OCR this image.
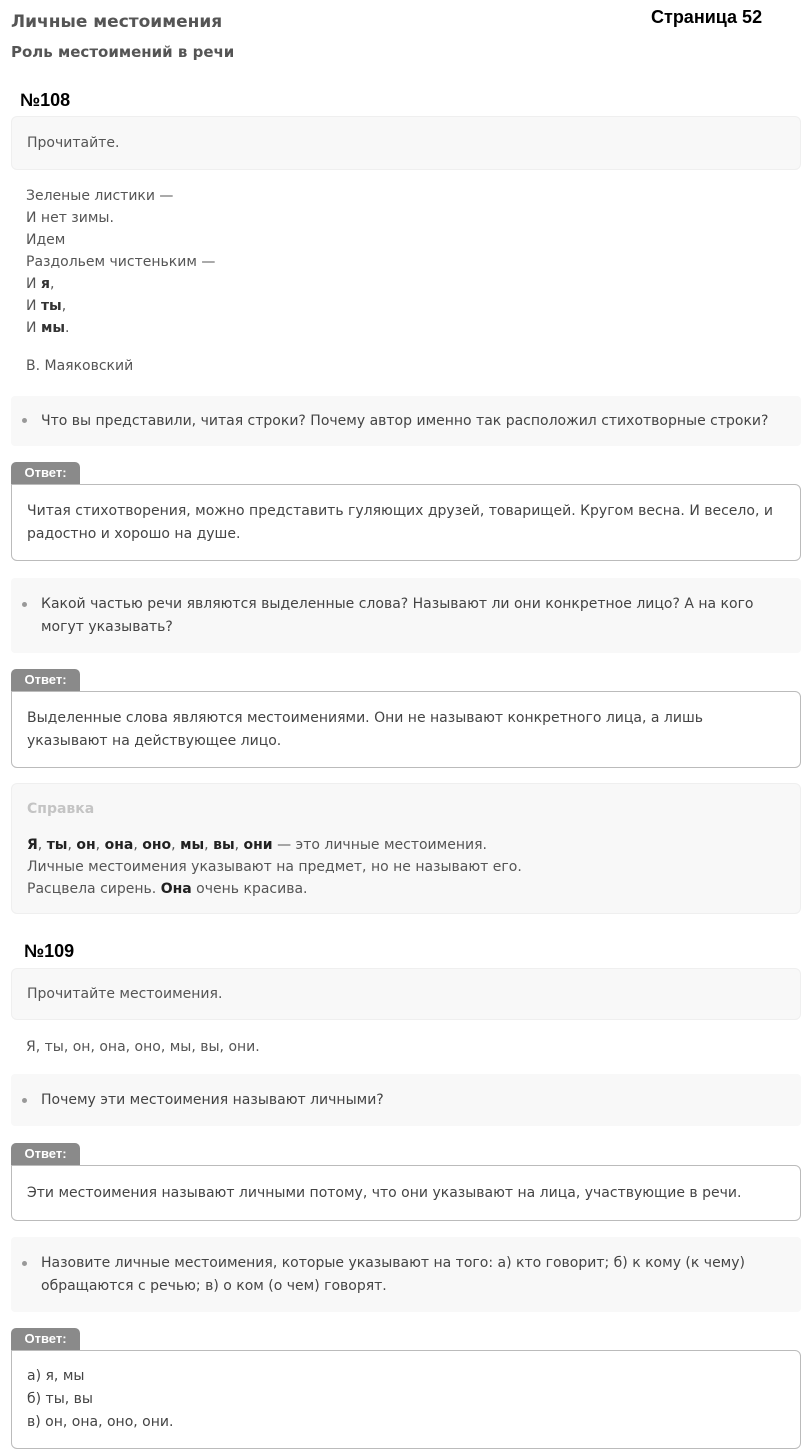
Личные местоимения
Роль местоимений в речи
Страница 52
№108
Прочитайте.
Зеленые листики —
И нет зимы.
Идем
Раздольем чистеньким —
И я,
И ты,
И мы.
В. Маяковский
Что вы представили, читая строки? Почему автор именно так расположил стихотворные строки?
Ответ:
Читая стихотворения, можно представить гуляющих друзей, товарищей. Кругом весна. И весело, и радостно и хорошо на душе.
Какой частью речи являются выделенные слова? Называют ли они конкретное лицо? А на кого могут указывать?
Ответ:
Выделенные слова являются местоимениями. Они не называют конкретного лица, а лишь указывают на действующее лицо.
Справка
Я, ты, он, она, оно, мы, вы, они — это личные местоимения.
Личные местоимения указывают на предмет, но не называют его.
Расцвела сирень. Она очень красива.
№109
Прочитайте местоимения.
Я, ты, он, она, оно, мы, вы, они.
Почему эти местоимения называют личными?
Ответ:
Эти местоимения называют личными потому, что они указывают на лица, участвующие в речи.
Назовите личные местоимения, которые указывают на того: а) кто говорит; б) к кому (к чему) обращаются с речью; в) о ком (о чем) говорят.
Ответ:
а) я, мы
б) ты, вы
в) он, она, оно, они.
